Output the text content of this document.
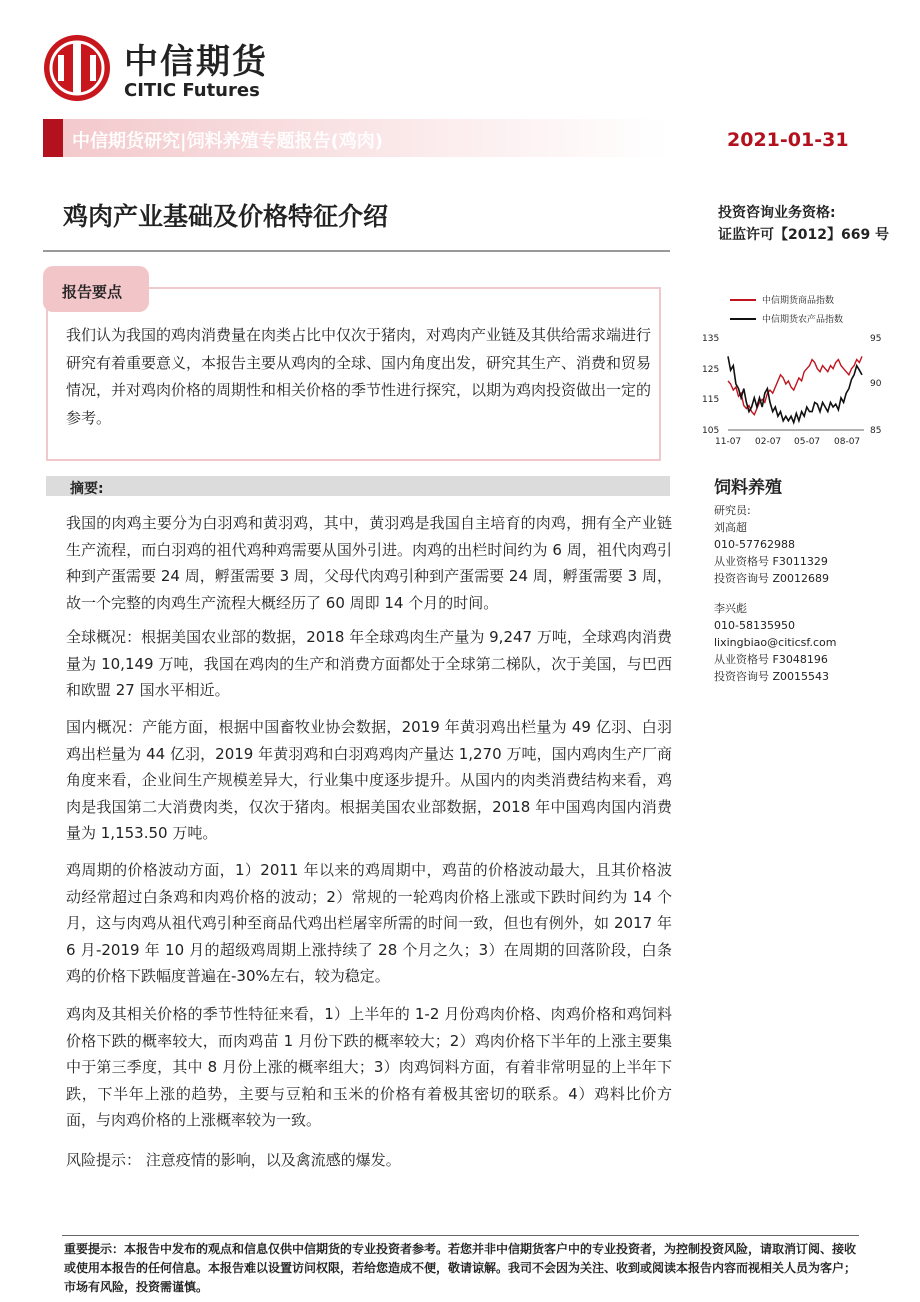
中信期货
CITIC Futures
中信期货研究|饲料养殖专题报告(鸡肉)	2021-01-31
鸡肉产业基础及价格特征介绍	投资咨询业务资格:
证监许可【2012】669 号
报告要点
我们认为我国的鸡肉消费量在肉类占比中仅次于猪肉，对鸡肉产业链及其供给需求端进行研究有着重要意义，本报告主要从鸡肉的全球、国内角度出发，研究其生产、消费和贸易情况，并对鸡肉价格的周期性和相关价格的季节性进行探究，以期为鸡肉投资做出一定的参考。
摘要:
我国的肉鸡主要分为白羽鸡和黄羽鸡，其中，黄羽鸡是我国自主培育的肉鸡，拥有全产业链生产流程，而白羽鸡的祖代鸡种鸡需要从国外引进。肉鸡的出栏时间约为 6 周，祖代肉鸡引种到产蛋需要 24 周，孵蛋需要 3 周，父母代肉鸡引种到产蛋需要 24 周，孵蛋需要 3 周，故一个完整的肉鸡生产流程大概经历了 60 周即 14 个月的时间。
全球概况：根据美国农业部的数据，2018 年全球鸡肉生产量为 9,247 万吨，全球鸡肉消费量为 10,149 万吨，我国在鸡肉的生产和消费方面都处于全球第二梯队，次于美国，与巴西和欧盟 27 国水平相近。
国内概况：产能方面，根据中国畜牧业协会数据，2019 年黄羽鸡出栏量为 49 亿羽、白羽鸡出栏量为 44 亿羽，2019 年黄羽鸡和白羽鸡鸡肉产量达 1,270 万吨，国内鸡肉生产厂商角度来看，企业间生产规模差异大，行业集中度逐步提升。从国内的肉类消费结构来看，鸡肉是我国第二大消费肉类，仅次于猪肉。根据美国农业部数据，2018 年中国鸡肉国内消费量为 1,153.50 万吨。
鸡周期的价格波动方面，1）2011 年以来的鸡周期中，鸡苗的价格波动最大，且其价格波动经常超过白条鸡和肉鸡价格的波动；2）常规的一轮鸡肉价格上涨或下跌时间约为 14 个月，这与肉鸡从祖代鸡引种至商品代鸡出栏屠宰所需的时间一致，但也有例外，如 2017 年 6 月-2019 年 10 月的超级鸡周期上涨持续了 28 个月之久；3）在周期的回落阶段，白条鸡的价格下跌幅度普遍在-30%左右，较为稳定。
鸡肉及其相关价格的季节性特征来看，1）上半年的 1-2 月份鸡肉价格、肉鸡价格和鸡饲料价格下跌的概率较大，而肉鸡苗 1 月份下跌的概率较大；2）鸡肉价格下半年的上涨主要集中于第三季度，其中 8 月份上涨的概率组大；3）肉鸡饲料方面，有着非常明显的上半年下跌，下半年上涨的趋势，主要与豆粕和玉米的价格有着极其密切的联系。4）鸡料比价方面，与肉鸡价格的上涨概率较为一致。
风险提示： 注意疫情的影响，以及禽流感的爆发。
中信期货商品指数
中信期货农产品指数
135
125
115
105
95
90
85
11-07 02-07 05-07 08-07
饲料养殖
研究员:
刘高超
010-57762988
从业资格号 F3011329
投资咨询号 Z0012689
李兴彪
010-58135950
lixingbiao@citicsf.com
从业资格号 F3048196
投资咨询号 Z0015543
重要提示：本报告中发布的观点和信息仅供中信期货的专业投资者参考。若您并非中信期货客户中的专业投资者，为控制投资风险，请取消订阅、接收或使用本报告的任何信息。本报告难以设置访问权限，若给您造成不便，敬请谅解。我司不会因为关注、收到或阅读本报告内容而视相关人员为客户；市场有风险，投资需谨慎。
